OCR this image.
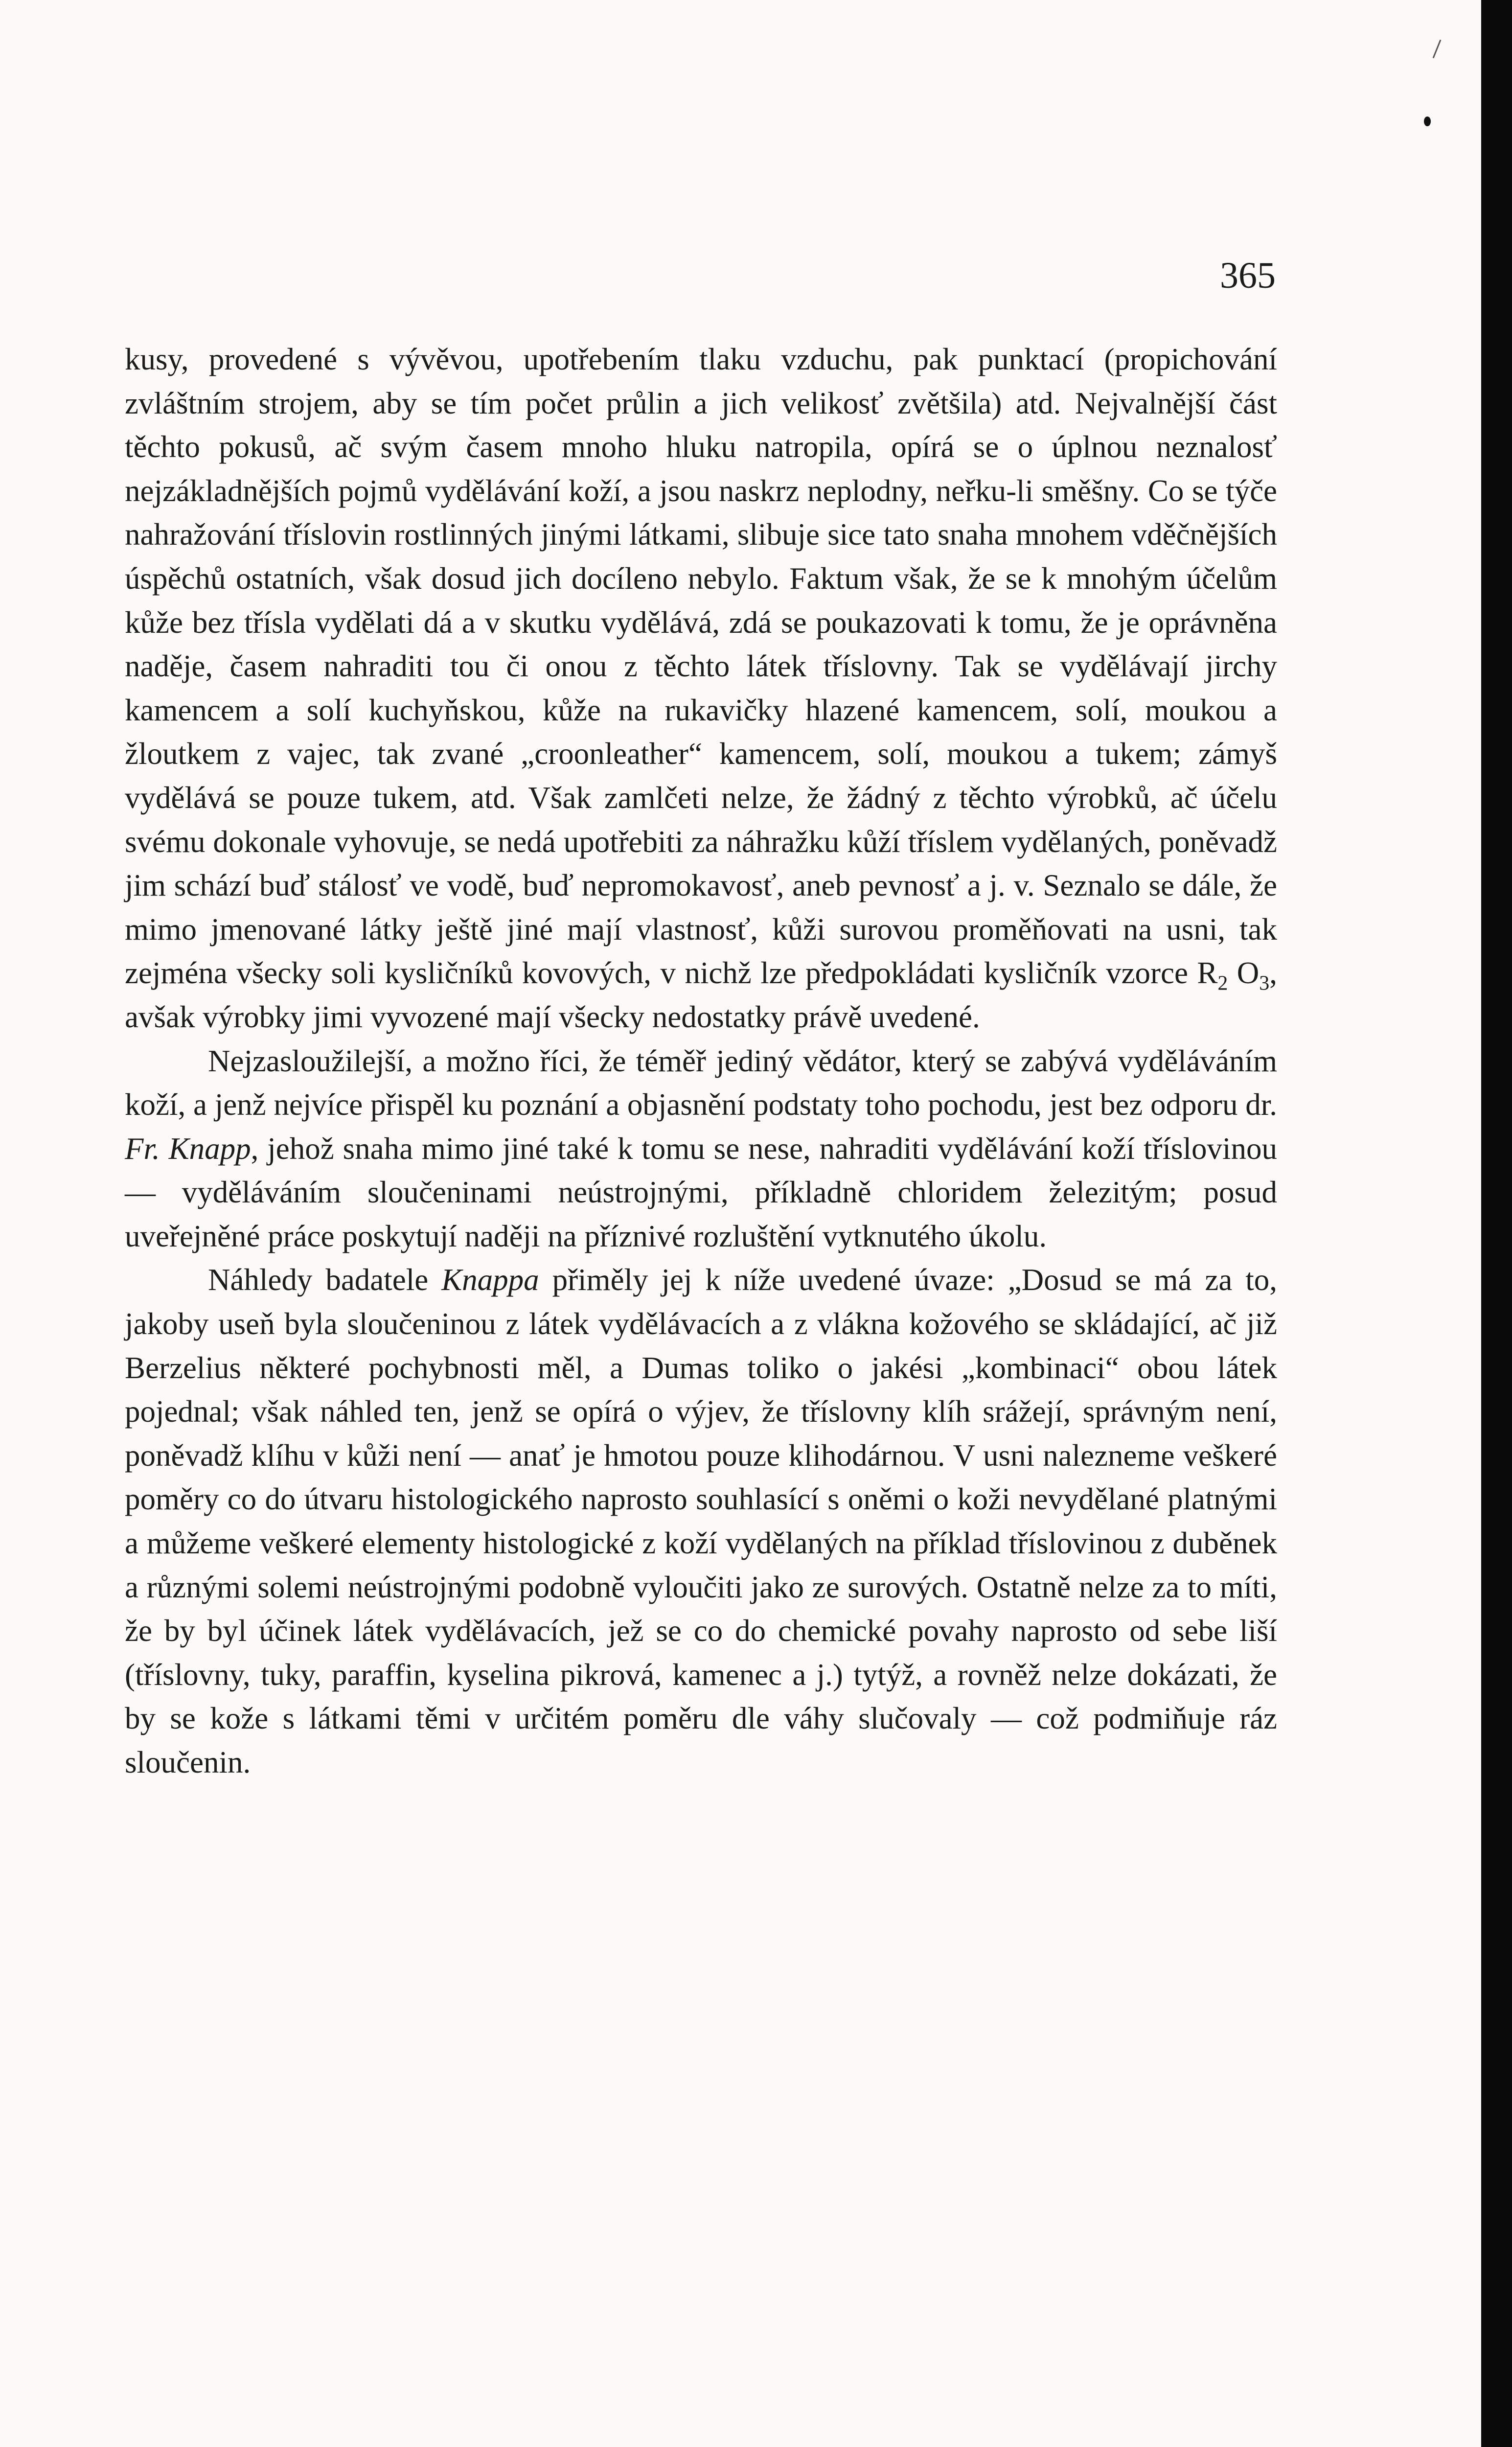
365

kusy, provedené s vývěvou, upotřebením tlaku vzduchu, pak punktací (propichování zvláštním strojem, aby se tím počet průlin a jich velikosť zvětšila) atd. Nejvalnější část těchto pokusů, ač svým časem mnoho hluku natropila, opírá se o úplnou neznalosť nejzákladnějších pojmů vydělávání koží, a jsou naskrz neplodny, neřku-li směšny. Co se týče nahražování tříslovin rostlinných jinými látkami, slibuje sice tato snaha mnohem vděčnějších úspěchů ostatních, však dosud jich docíleno nebylo. Faktum však, že se k mnohým účelům kůže bez třísla vydělati dá a v skutku vydělává, zdá se poukazovati k tomu, že je oprávněna naděje, časem nahraditi tou či onou z těchto látek tříslovny. Tak se vydělávají jirchy kamencem a solí kuchyňskou, kůže na rukavičky hlazené kamencem, solí, moukou a žloutkem z vajec, tak zvané „croonleather“ kamencem, solí, moukou a tukem; zámyš vydělává se pouze tukem, atd. Však zamlčeti nelze, že žádný z těchto výrobků, ač účelu svému dokonale vyhovuje, se nedá upotřebiti za náhražku kůží tříslem vydělaných, poněvadž jim schází buď stálosť ve vodě, buď nepromokavosť, aneb pevnosť a j. v. Seznalo se dále, že mimo jmenované látky ještě jiné mají vlastnosť, kůži surovou proměňovati na usni, tak zejména všecky soli kysličníků kovových, v nichž lze předpokládati kysličník vzorce $R_2$ $O_3$, avšak výrobky jimi vyvozené mají všecky nedostatky právě uvedené.

Nejzasloužilejší, a možno říci, že téměř jediný vědátor, který se zabývá vyděláváním koží, a jenž nejvíce přispěl ku poznání a objasnění podstaty toho pochodu, jest bez odporu dr. Fr. Knapp, jehož snaha mimo jiné také k tomu se nese, nahraditi vydělávání koží tříslovinou — vyděláváním sloučeninami neústrojnými, příkladně chloridem železitým; posud uveřejněné práce poskytují naději na příznivé rozluštění vytknutého úkolu.

Náhledy badatele Knappa přiměly jej k níže uvedené úvaze: „Dosud se má za to, jakoby useň byla sloučeninou z látek vydělávacích a z vlákna kožového se skládající, ač již Berzelius některé pochybnosti měl, a Dumas toliko o jakési „kombinaci“ obou látek pojednal; však náhled ten, jenž se opírá o výjev, že tříslovny klíh srážejí, správným není, poněvadž klíhu v kůži není — anať je hmotou pouze klihodárnou. V usni nalezneme veškeré poměry co do útvaru histologického naprosto souhlasící s oněmi o koži nevydělané platnými a můžeme veškeré elementy histologické z koží vydělaných na příklad tříslovinou z duběnek a různými solemi neústrojnými podobně vyloučiti jako ze surových. Ostatně nelze za to míti, že by byl účinek látek vydělávacích, jež se co do chemické povahy naprosto od sebe liší (tříslovny, tuky, paraffin, kyselina pikrová, kamenec a j.) tytýž, a rovněž nelze dokázati, že by se kože s látkami těmi v určitém poměru dle váhy slučovaly — což podmiňuje ráz sloučenin.
